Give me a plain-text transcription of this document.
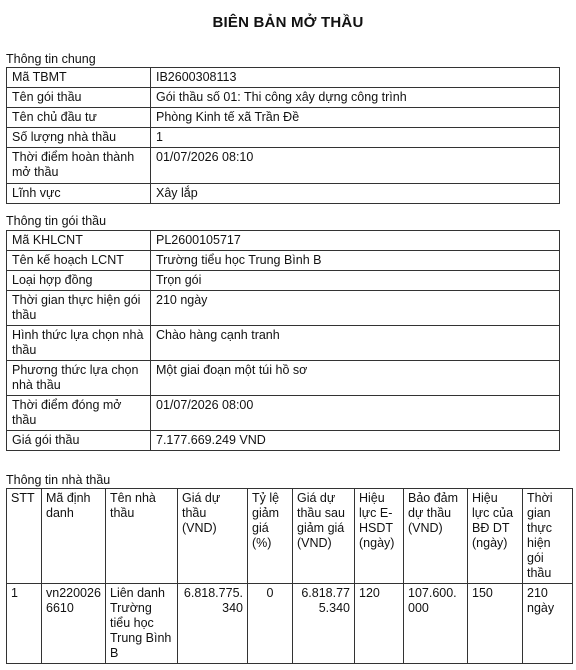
BIÊN BẢN MỞ THẦU
Thông tin chung
Mã TBMT	IB2600308113
Tên gói thầu	Gói thầu số 01: Thi công xây dựng công trình
Tên chủ đầu tư	Phòng Kinh tế xã Trần Đề
Số lượng nhà thầu	1
Thời điểm hoàn thành mở thầu	01/07/2026 08:10
Lĩnh vực	Xây lắp
Thông tin gói thầu
Mã KHLCNT	PL2600105717
Tên kế hoạch LCNT	Trường tiểu học Trung Bình B
Loại hợp đồng	Trọn gói
Thời gian thực hiện gói thầu	210 ngày
Hình thức lựa chọn nhà thầu	Chào hàng cạnh tranh
Phương thức lựa chọn nhà thầu	Một giai đoạn một túi hồ sơ
Thời điểm đóng mở thầu	01/07/2026 08:00
Giá gói thầu	7.177.669.249 VND
Thông tin nhà thầu
STT	Mã định danh	Tên nhà thầu	Giá dự thầu (VND)	Tỷ lệ giảm giá (%)	Giá dự thầu sau giảm giá (VND)	Hiệu lực E-HSDT (ngày)	Bảo đảm dự thầu (VND)	Hiệu lực của BĐ DT (ngày)	Thời gian thực hiện gói thầu
1	vn2200266610	Liên danh Trường tiểu học Trung Bình B	6.818.775.340	0	6.818.775.340	120	107.600.000	150	210 ngày
